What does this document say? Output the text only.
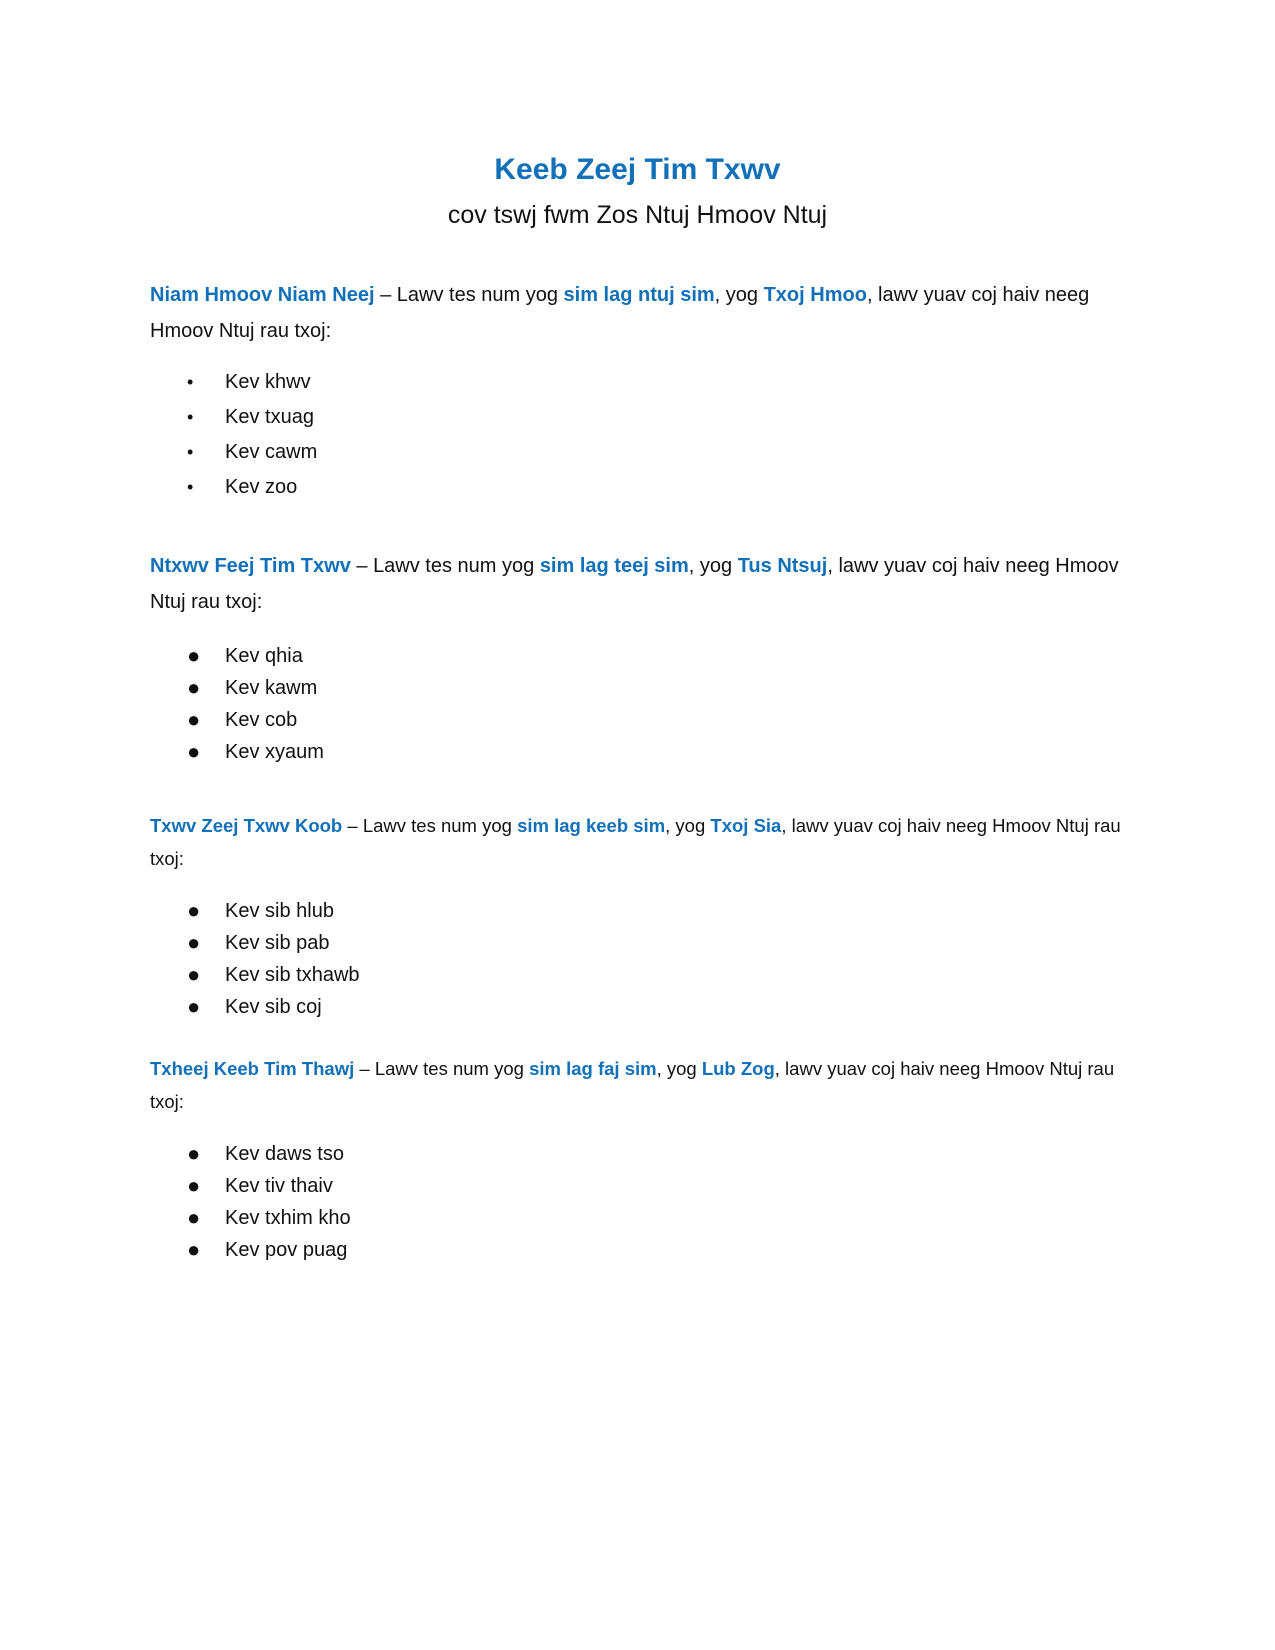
Keeb Zeej Tim Txwv
cov tswj fwm Zos Ntuj Hmoov Ntuj

Niam Hmoov Niam Neej – Lawv tes num yog sim lag ntuj sim, yog Txoj Hmoo, lawv yuav coj haiv neeg Hmoov Ntuj rau txoj:

• Kev khwv
• Kev txuag
• Kev cawm
• Kev zoo

Ntxwv Feej Tim Txwv – Lawv tes num yog sim lag teej sim, yog Tus Ntsuj, lawv yuav coj haiv neeg Hmoov Ntuj rau txoj:

● Kev qhia
● Kev kawm
● Kev cob
● Kev xyaum

Txwv Zeej Txwv Koob – Lawv tes num yog sim lag keeb sim, yog Txoj Sia, lawv yuav coj haiv neeg Hmoov Ntuj rau txoj:

● Kev sib hlub
● Kev sib pab
● Kev sib txhawb
● Kev sib coj

Txheej Keeb Tim Thawj – Lawv tes num yog sim lag faj sim, yog Lub Zog, lawv yuav coj haiv neeg Hmoov Ntuj rau txoj:

● Kev daws tso
● Kev tiv thaiv
● Kev txhim kho
● Kev pov puag
